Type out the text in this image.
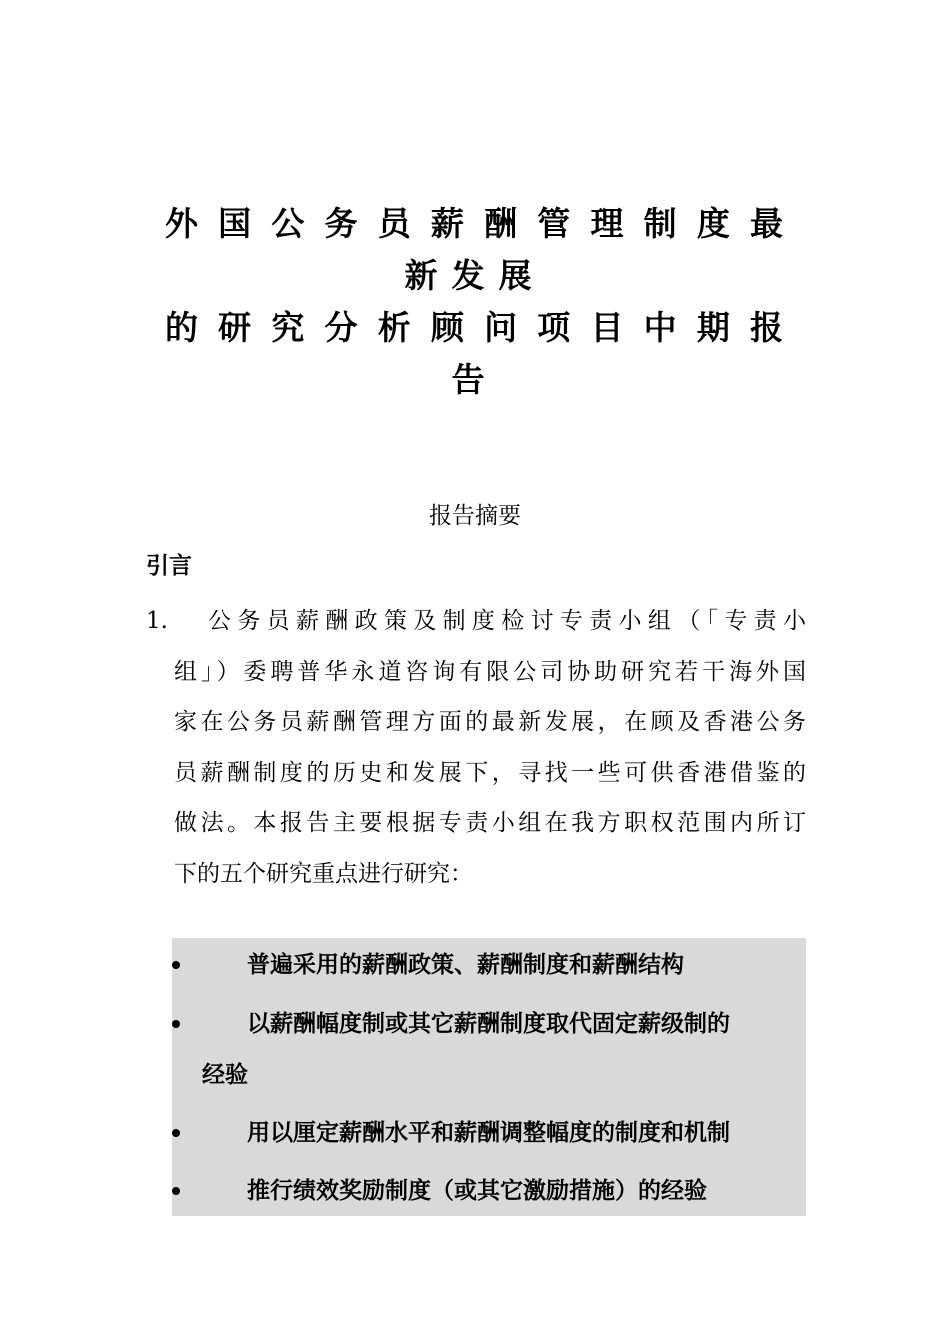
外国公务员薪酬管理制度最
新发展
的研究分析顾问项目中期报
告
报告摘要
引言
1.	公务员薪酬政策及制度检讨专责小组（「专责小
组」）委聘普华永道咨询有限公司协助研究若干海外国
家在公务员薪酬管理方面的最新发展，在顾及香港公务
员薪酬制度的历史和发展下，寻找一些可供香港借鉴的
做法。本报告主要根据专责小组在我方职权范围内所订
下的五个研究重点进行研究：
普遍采用的薪酬政策、薪酬制度和薪酬结构
以薪酬幅度制或其它薪酬制度取代固定薪级制的
经验
用以厘定薪酬水平和薪酬调整幅度的制度和机制
推行绩效奖励制度（或其它激励措施）的经验
